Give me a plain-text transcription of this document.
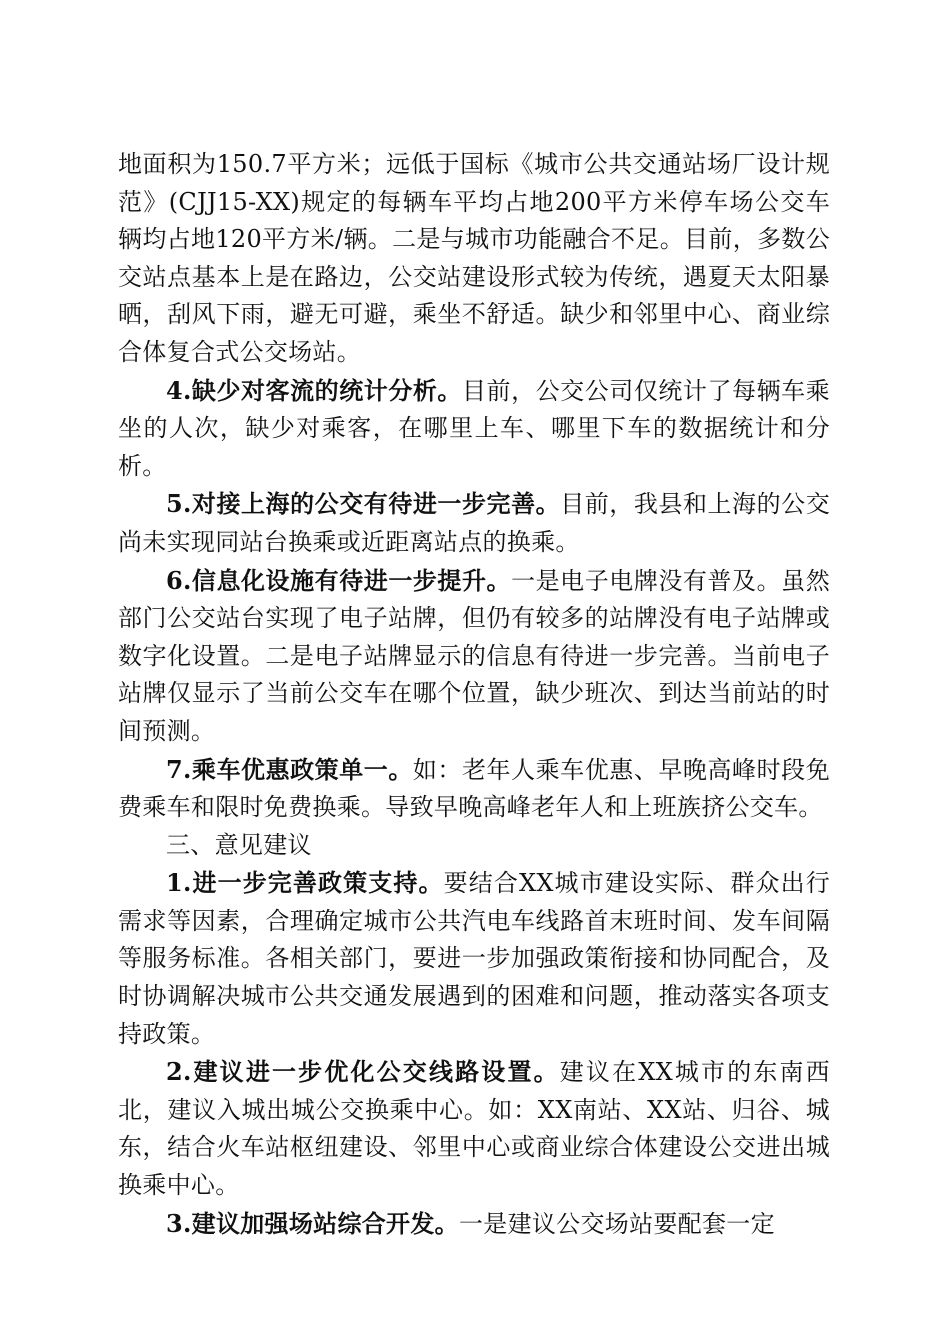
地面积为150.7平方米；远低于国标《城市公共交通站场厂设计规范》(CJJ15-XX)规定的每辆车平均占地200平方米停车场公交车辆均占地120平方米/辆。二是与城市功能融合不足。目前，多数公交站点基本上是在路边，公交站建设形式较为传统，遇夏天太阳暴晒，刮风下雨，避无可避，乘坐不舒适。缺少和邻里中心、商业综合体复合式公交场站。

4.缺少对客流的统计分析。目前，公交公司仅统计了每辆车乘坐的人次，缺少对乘客，在哪里上车、哪里下车的数据统计和分析。

5.对接上海的公交有待进一步完善。目前，我县和上海的公交尚未实现同站台换乘或近距离站点的换乘。

6.信息化设施有待进一步提升。一是电子电牌没有普及。虽然部门公交站台实现了电子站牌，但仍有较多的站牌没有电子站牌或数字化设置。二是电子站牌显示的信息有待进一步完善。当前电子站牌仅显示了当前公交车在哪个位置，缺少班次、到达当前站的时间预测。

7.乘车优惠政策单一。如：老年人乘车优惠、早晚高峰时段免费乘车和限时免费换乘。导致早晚高峰老年人和上班族挤公交车。

三、意见建议

1.进一步完善政策支持。要结合XX城市建设实际、群众出行需求等因素，合理确定城市公共汽电车线路首末班时间、发车间隔等服务标准。各相关部门，要进一步加强政策衔接和协同配合，及时协调解决城市公共交通发展遇到的困难和问题，推动落实各项支持政策。

2.建议进一步优化公交线路设置。建议在XX城市的东南西北，建议入城出城公交换乘中心。如：XX南站、XX站、归谷、城东，结合火车站枢纽建设、邻里中心或商业综合体建设公交进出城换乘中心。

3.建议加强场站综合开发。一是建议公交场站要配套一定
